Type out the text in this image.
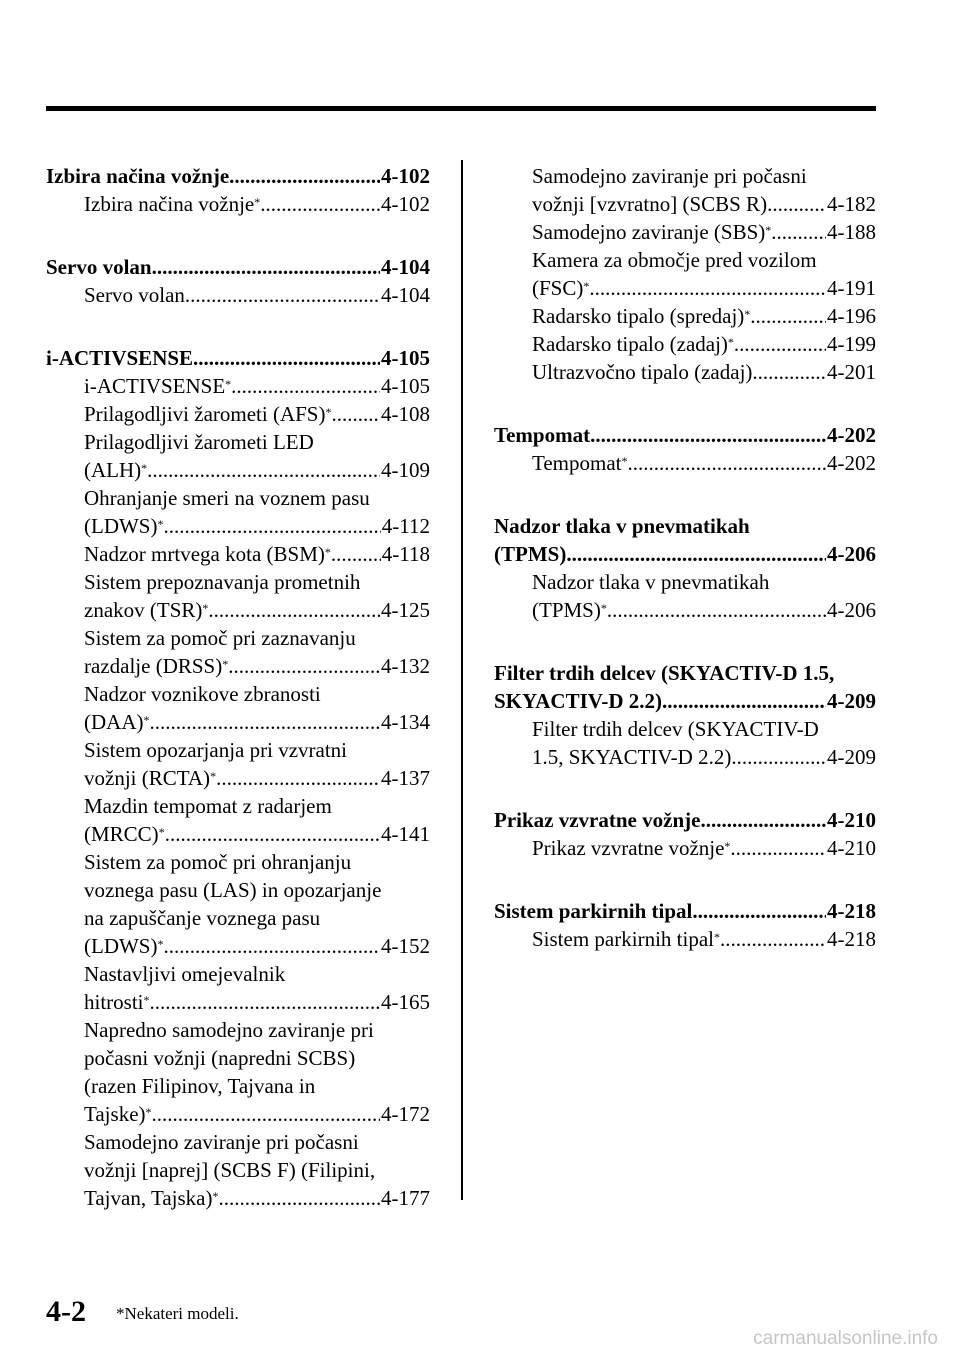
Izbira načina vožnje .....	4-102
Izbira načina vožnje* .....	4-102
Servo volan .....	4-104
Servo volan .....	4-104
i-ACTIVSENSE .....	4-105
i-ACTIVSENSE* .....	4-105
Prilagodljivi žarometi (AFS)* ..... 4-108
Prilagodljivi žarometi LED
(ALH)* .....	4-109
Ohranjanje smeri na voznem pasu
(LDWS)* .....	4-112
Nadzor mrtvega kota (BSM)* ..... 4-118
Sistem prepoznavanja prometnih
znakov (TSR)* .....	4-125
Sistem za pomoč pri zaznavanju
razdalje (DRSS)* .....	4-132
Nadzor voznikove zbranosti
(DAA)* .....	4-134
Sistem opozarjanja pri vzvratni
vožnji (RCTA)* .....	4-137
Mazdin tempomat z radarjem
(MRCC)* .....	4-141
Sistem za pomoč pri ohranjanju
voznega pasu (LAS) in opozarjanje
na zapuščanje voznega pasu
(LDWS)* .....	4-152
Nastavljivi omejevalnik
hitrosti* .....	4-165
Napredno samodejno zaviranje pri
počasni vožnji (napredni SCBS)
(razen Filipinov, Tajvana in
Tajske)* .....	4-172
Samodejno zaviranje pri počasni
vožnji [naprej] (SCBS F) (Filipini,
Tajvan, Tajska)* .....	4-177
Samodejno zaviranje pri počasni
vožnji [vzvratno] (SCBS R) .....	4-182
Samodejno zaviranje (SBS)* .....	4-188
Kamera za območje pred vozilom
(FSC)* .....	4-191
Radarsko tipalo (spredaj)* .....	4-196
Radarsko tipalo (zadaj)* .....	4-199
Ultrazvočno tipalo (zadaj) .....	4-201
Tempomat .....	4-202
Tempomat* .....	4-202
Nadzor tlaka v pnevmatikah
(TPMS) .....	4-206
Nadzor tlaka v pnevmatikah
(TPMS)* .....	4-206
Filter trdih delcev (SKYACTIV-D 1.5,
SKYACTIV-D 2.2) .....	4-209
Filter trdih delcev (SKYACTIV-D
1.5, SKYACTIV-D 2.2) .....	4-209
Prikaz vzvratne vožnje .....	4-210
Prikaz vzvratne vožnje* .....	4-210
Sistem parkirnih tipal .....	4-218
Sistem parkirnih tipal* .....	4-218
4-2 *Nekateri modeli.
carmanualsonline.info
